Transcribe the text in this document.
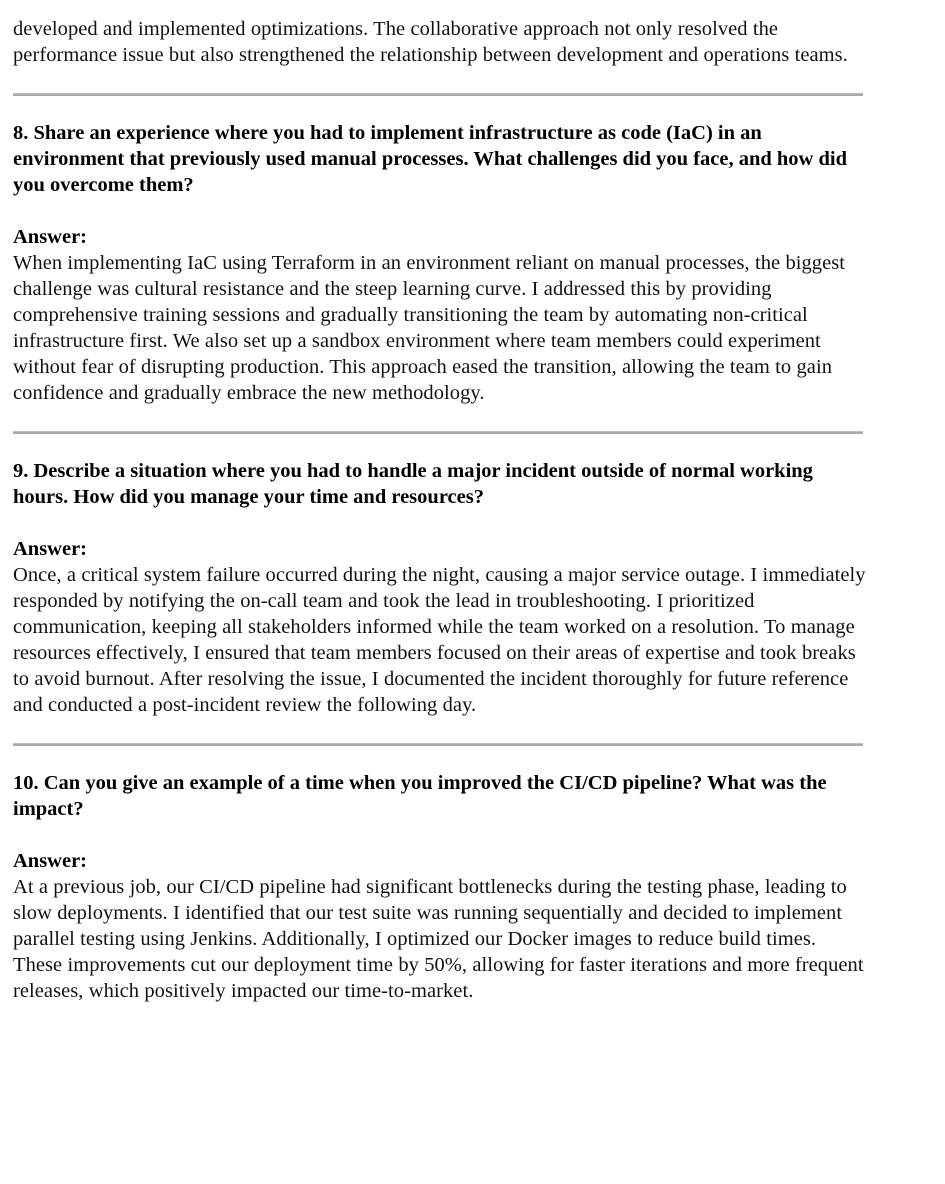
developed and implemented optimizations. The collaborative approach not only resolved the performance issue but also strengthened the relationship between development and operations teams.

8. Share an experience where you had to implement infrastructure as code (IaC) in an environment that previously used manual processes. What challenges did you face, and how did you overcome them?

Answer:

When implementing IaC using Terraform in an environment reliant on manual processes, the biggest challenge was cultural resistance and the steep learning curve. I addressed this by providing comprehensive training sessions and gradually transitioning the team by automating non-critical infrastructure first. We also set up a sandbox environment where team members could experiment without fear of disrupting production. This approach eased the transition, allowing the team to gain confidence and gradually embrace the new methodology.

9. Describe a situation where you had to handle a major incident outside of normal working hours. How did you manage your time and resources?

Answer:

Once, a critical system failure occurred during the night, causing a major service outage. I immediately responded by notifying the on-call team and took the lead in troubleshooting. I prioritized communication, keeping all stakeholders informed while the team worked on a resolution. To manage resources effectively, I ensured that team members focused on their areas of expertise and took breaks to avoid burnout. After resolving the issue, I documented the incident thoroughly for future reference and conducted a post-incident review the following day.

10. Can you give an example of a time when you improved the CI/CD pipeline? What was the impact?

Answer:

At a previous job, our CI/CD pipeline had significant bottlenecks during the testing phase, leading to slow deployments. I identified that our test suite was running sequentially and decided to implement parallel testing using Jenkins. Additionally, I optimized our Docker images to reduce build times. These improvements cut our deployment time by 50%, allowing for faster iterations and more frequent releases, which positively impacted our time-to-market.
